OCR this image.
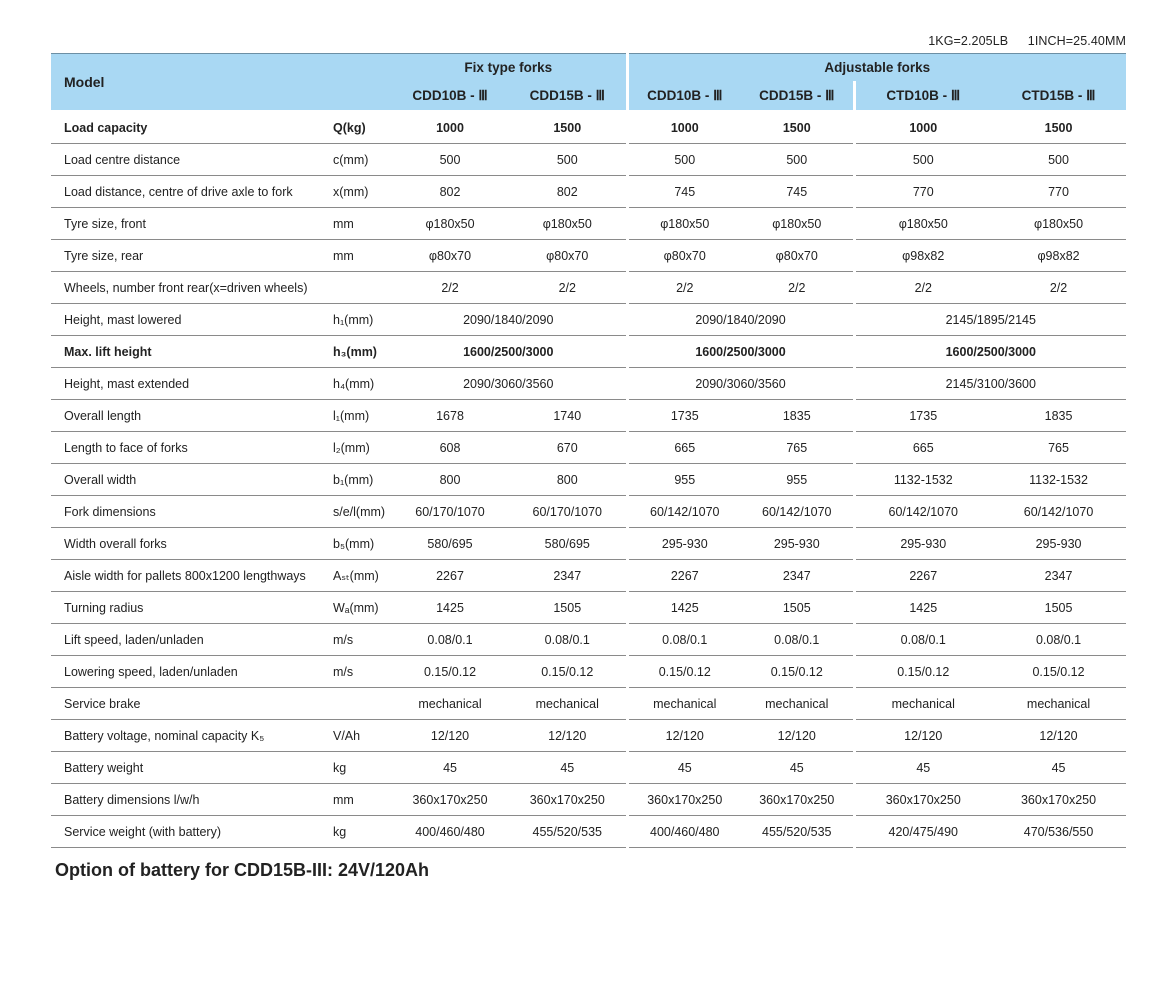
1KG=2.205LB 1INCH=25.40MM
Model		Fix type forks		Adjustable forks			
		CDD10B - Ⅲ	CDD15B - Ⅲ	CDD10B - Ⅲ	CDD15B - Ⅲ	CTD10B - Ⅲ	CTD15B - Ⅲ
Load capacity	Q(kg)	1000	1500	1000	1500	1000	1500
Load centre distance	c(mm)	500	500	500	500	500	500
Load distance, centre of drive axle to fork	x(mm)	802	802	745	745	770	770
Tyre size, front	mm	φ180x50	φ180x50	φ180x50	φ180x50	φ180x50	φ180x50
Tyre size, rear	mm	φ80x70	φ80x70	φ80x70	φ80x70	φ98x82	φ98x82
Wheels, number front rear(x=driven wheels)		2/2	2/2	2/2	2/2	2/2	2/2
Height, mast lowered	h₁(mm)	2090/1840/2090		2090/1840/2090		2145/1895/2145	
Max. lift height	h₃(mm)	1600/2500/3000		1600/2500/3000		1600/2500/3000	
Height, mast extended	h₄(mm)	2090/3060/3560		2090/3060/3560		2145/3100/3600	
Overall length	l₁(mm)	1678	1740	1735	1835	1735	1835
Length to face of forks	l₂(mm)	608	670	665	765	665	765
Overall width	b₁(mm)	800	800	955	955	1132-1532	1132-1532
Fork dimensions	s/e/l(mm)	60/170/1070	60/170/1070	60/142/1070	60/142/1070	60/142/1070	60/142/1070
Width overall forks	b₅(mm)	580/695	580/695	295-930	295-930	295-930	295-930
Aisle width for pallets 800x1200 lengthways	Aₛₜ(mm)	2267	2347	2267	2347	2267	2347
Turning radius	Wₐ(mm)	1425	1505	1425	1505	1425	1505
Lift speed, laden/unladen	m/s	0.08/0.1	0.08/0.1	0.08/0.1	0.08/0.1	0.08/0.1	0.08/0.1
Lowering speed, laden/unladen	m/s	0.15/0.12	0.15/0.12	0.15/0.12	0.15/0.12	0.15/0.12	0.15/0.12
Service brake		mechanical	mechanical	mechanical	mechanical	mechanical	mechanical
Battery voltage, nominal capacity K₅	V/Ah	12/120	12/120	12/120	12/120	12/120	12/120
Battery weight	kg	45	45	45	45	45	45
Battery dimensions l/w/h	mm	360x170x250	360x170x250	360x170x250	360x170x250	360x170x250	360x170x250
Service weight (with battery)	kg	400/460/480	455/520/535	400/460/480	455/520/535	420/475/490	470/536/550
Option of battery for CDD15B-III: 24V/120Ah
